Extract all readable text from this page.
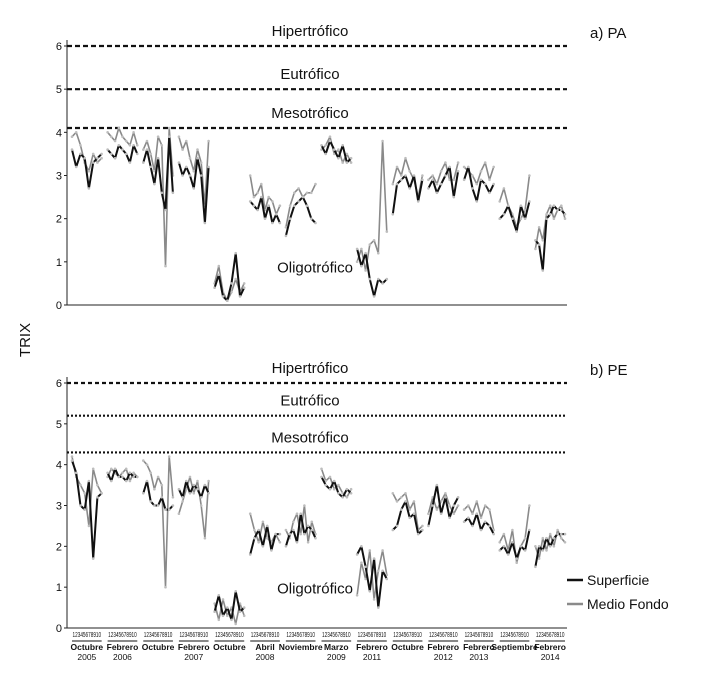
TRIX
0
1
2
3
4
5
6
Hipertrófico
Eutrófico
Mesotrófico
Oligotrófico
a) PA
0
1
2
3
4
5
6
Hipertrófico
Eutrófico
Mesotrófico
Oligotrófico
b) PE
12345678910
Octubre
2005
12345678910
Febrero
2006
12345678910
Octubre
12345678910
Febrero
2007
12345678910
Octubre
12345678910
Abril
2008
12345678910
Noviembre
12345678910
Marzo
2009
12345678910
Febrero
2011
12345678910
Octubre
12345678910
Febrero
2012
12345678910
Febrero
2013
12345678910
Septiembre
12345678910
Febrero
2014
Superficie
Medio Fondo
